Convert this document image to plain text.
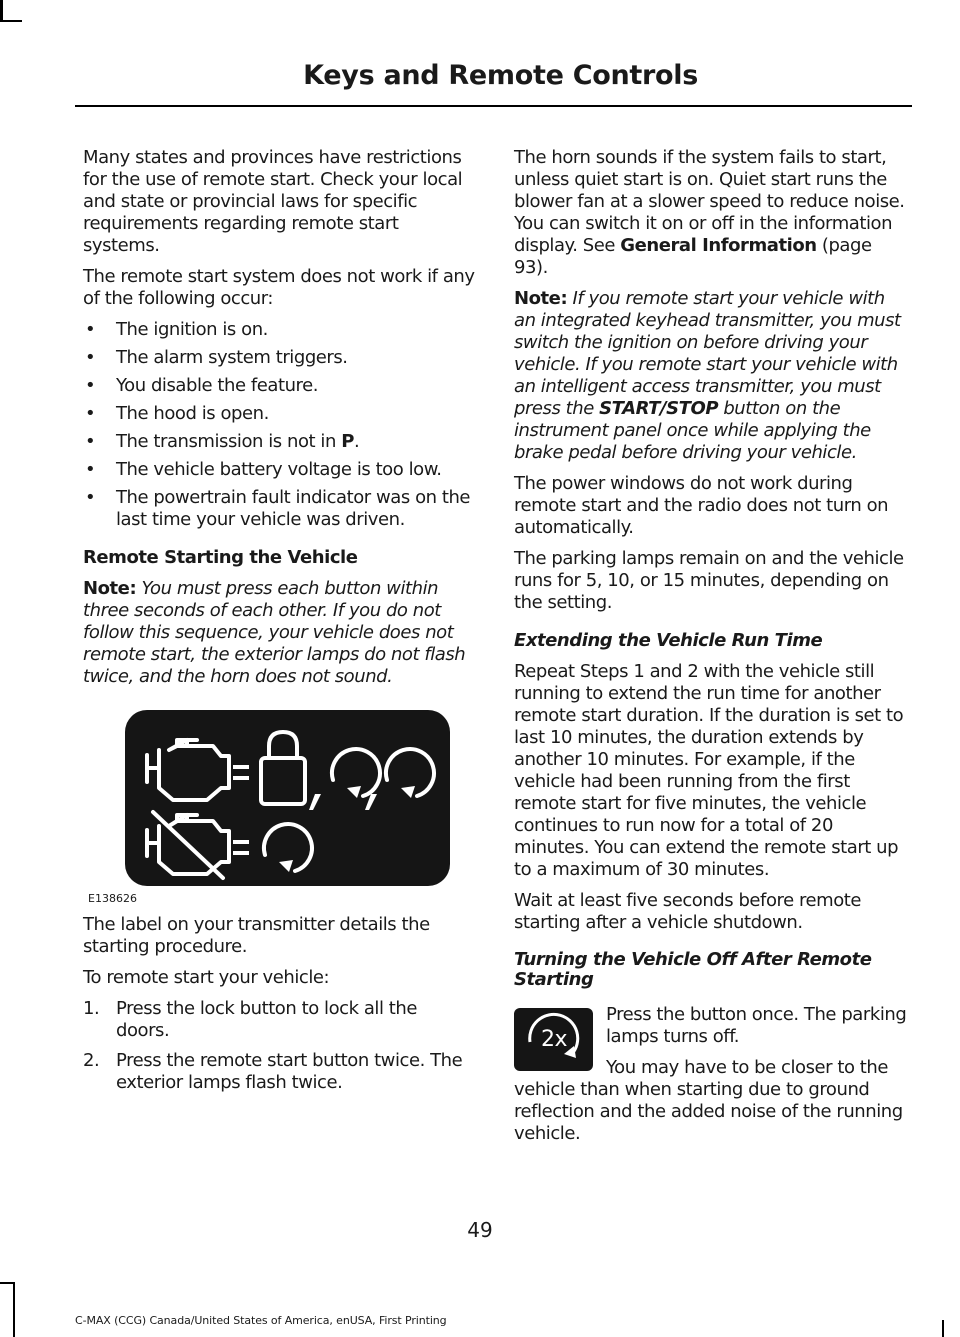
Keys and Remote Controls

Many states and provinces have restrictions for the use of remote start. Check your local and state or provincial laws for specific requirements regarding remote start systems.

The remote start system does not work if any of the following occur:

• The ignition is on.
• The alarm system triggers.
• You disable the feature.
• The hood is open.
• The transmission is not in P.
• The vehicle battery voltage is too low.
• The powertrain fault indicator was on the last time your vehicle was driven.
Remote Starting the Vehicle

Note: You must press each button within three seconds of each other. If you do not follow this sequence, your vehicle does not remote start, the exterior lamps do not flash twice, and the horn does not sound.

E138626

The label on your transmitter details the starting procedure.

To remote start your vehicle:

1. Press the lock button to lock all the doors.
2. Press the remote start button twice. The exterior lamps flash twice.

The horn sounds if the system fails to start, unless quiet start is on. Quiet start runs the blower fan at a slower speed to reduce noise. You can switch it on or off in the information display. See General Information (page 93).

Note: If you remote start your vehicle with an integrated keyhead transmitter, you must switch the ignition on before driving your vehicle. If you remote start your vehicle with an intelligent access transmitter, you must press the START/STOP button on the instrument panel once while applying the brake pedal before driving your vehicle.

The power windows do not work during remote start and the radio does not turn on automatically.

The parking lamps remain on and the vehicle runs for 5, 10, or 15 minutes, depending on the setting.

Extending the Vehicle Run Time

Repeat Steps 1 and 2 with the vehicle still running to extend the run time for another remote start duration. If the duration is set to last 10 minutes, the duration extends by another 10 minutes. For example, if the vehicle had been running from the first remote start for five minutes, the vehicle continues to run now for a total of 20 minutes. You can extend the remote start up to a maximum of 30 minutes.

Wait at least five seconds before remote starting after a vehicle shutdown.

Turning the Vehicle Off After Remote Starting
2x

Press the button once. The parking lamps turns off.

You may have to be closer to the vehicle than when starting due to ground reflection and the added noise of the running vehicle.

49
C-MAX (CCG) Canada/United States of America, enUSA, First Printing
